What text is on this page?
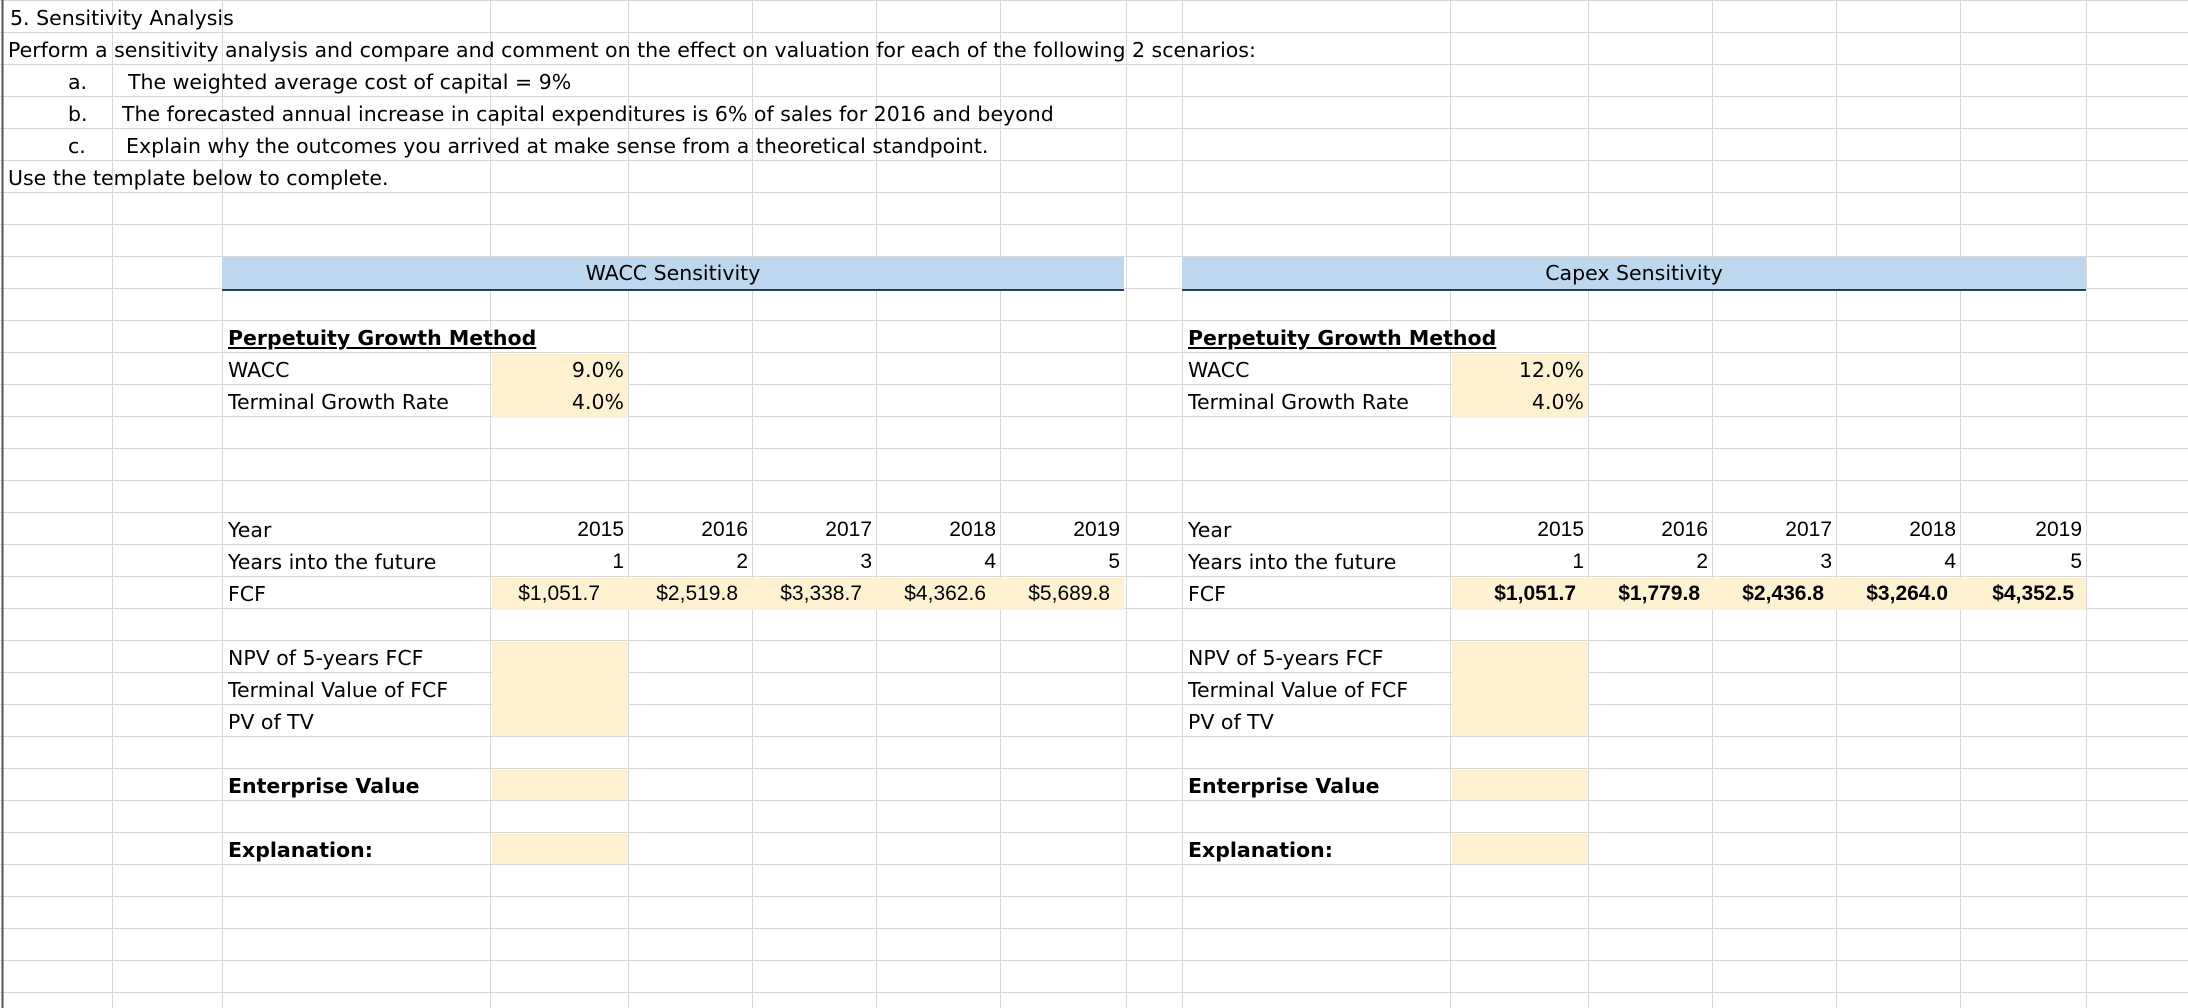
5. Sensitivity Analysis
Perform a sensitivity analysis and compare and comment on the effect on valuation for each of the following 2 scenarios:
a. The weighted average cost of capital = 9%
b. The forecasted annual increase in capital expenditures is 6% of sales for 2016 and beyond
c. Explain why the outcomes you arrived at make sense from a theoretical standpoint.
Use the template below to complete.
WACC Sensitivity
Perpetuity Growth Method
WACC	9.0%
Terminal Growth Rate	4.0%
Year	2015	2016	2017	2018	2019
Years into the future	1	2	3	4	5
FCF	$1,051.7	$2,519.8	$3,338.7	$4,362.6	$5,689.8
NPV of 5-years FCF
Terminal Value of FCF
PV of TV
Enterprise Value
Explanation:
Capex Sensitivity
Perpetuity Growth Method
WACC	12.0%
Terminal Growth Rate	4.0%
Year	2015	2016	2017	2018	2019
Years into the future	1	2	3	4	5
FCF	$1,051.7	$1,779.8	$2,436.8	$3,264.0	$4,352.5
NPV of 5-years FCF
Terminal Value of FCF
PV of TV
Enterprise Value
Explanation:
